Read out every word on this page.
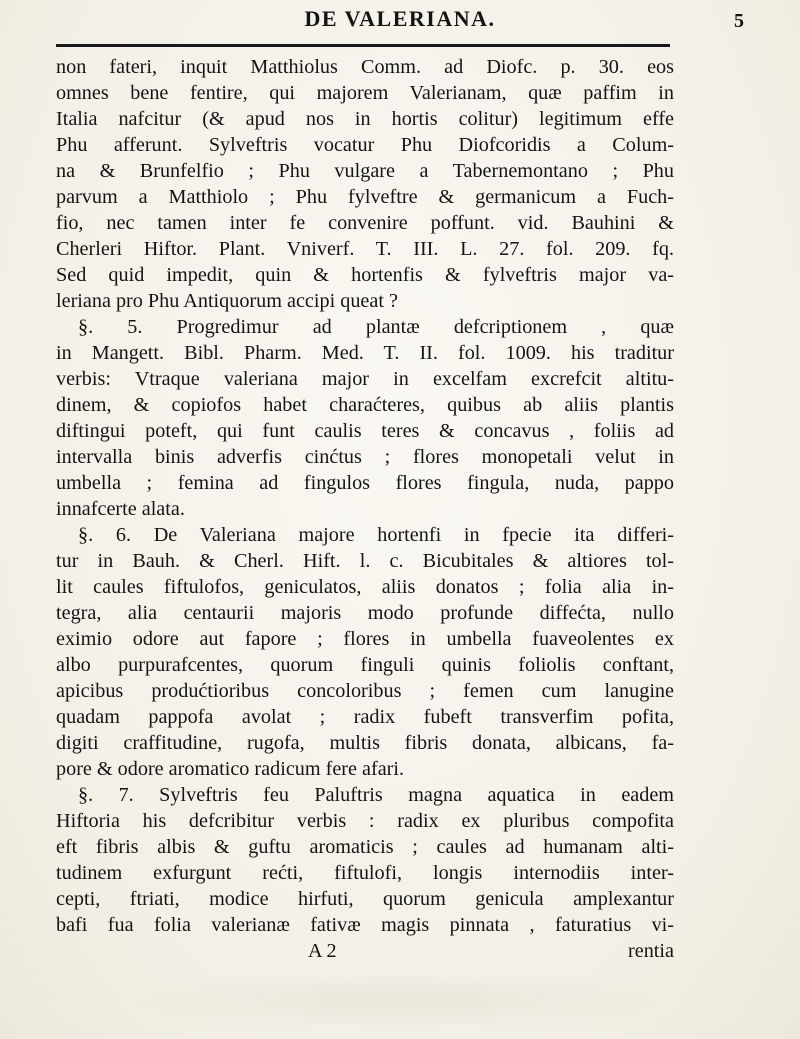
DE VALERIANA.	5
non fateri, inquit Matthiolus Comm. ad Diofc. p. 30. eos
omnes bene fentire, qui majorem Valerianam, quæ paffim in
Italia nafcitur (& apud nos in hortis colitur) legitimum effe
Phu afferunt. Sylveftris vocatur Phu Diofcoridis a Colum-
na & Brunfelfio ; Phu vulgare a Tabernemontano ; Phu
parvum a Matthiolo ; Phu fylveftre & germanicum a Fuch-
fio, nec tamen inter fe convenire poffunt. vid. Bauhini &
Cherleri Hiftor. Plant. Vniverf. T. III. L. 27. fol. 209. fq.
Sed quid impedit, quin & hortenfis & fylveftris major va-
leriana pro Phu Antiquorum accipi queat ?
§. 5. Progredimur ad plantæ defcriptionem , quæ
in Mangett. Bibl. Pharm. Med. T. II. fol. 1009. his traditur
verbis: Vtraque valeriana major in excelfam excrefcit altitu-
dinem, & copiofos habet charaćteres, quibus ab aliis plantis
diftingui poteft, qui funt caulis teres & concavus , foliis ad
intervalla binis adverfis cinćtus ; flores monopetali velut in
umbella ; femina ad fingulos flores fingula, nuda, pappo
innafcerte alata.
§. 6. De Valeriana majore hortenfi in fpecie ita differi-
tur in Bauh. & Cherl. Hift. l. c. Bicubitales & altiores tol-
lit caules fiftulofos, geniculatos, aliis donatos ; folia alia in-
tegra, alia centaurii majoris modo profunde diffećta, nullo
eximio odore aut fapore ; flores in umbella fuaveolentes ex
albo purpurafcentes, quorum finguli quinis foliolis conftant,
apicibus produćtioribus concoloribus ; femen cum lanugine
quadam pappofa avolat ; radix fubeft transverfim pofita,
digiti craffitudine, rugofa, multis fibris donata, albicans, fa-
pore & odore aromatico radicum fere afari.
§. 7. Sylveftris feu Paluftris magna aquatica in eadem
Hiftoria his defcribitur verbis : radix ex pluribus compofita
eft fibris albis & guftu aromaticis ; caules ad humanam alti-
tudinem exfurgunt rećti, fiftulofi, longis internodiis inter-
cepti, ftriati, modice hirfuti, quorum genicula amplexantur
bafi fua folia valerianæ fativæ magis pinnata , faturatius vi-
A 2	rentia
